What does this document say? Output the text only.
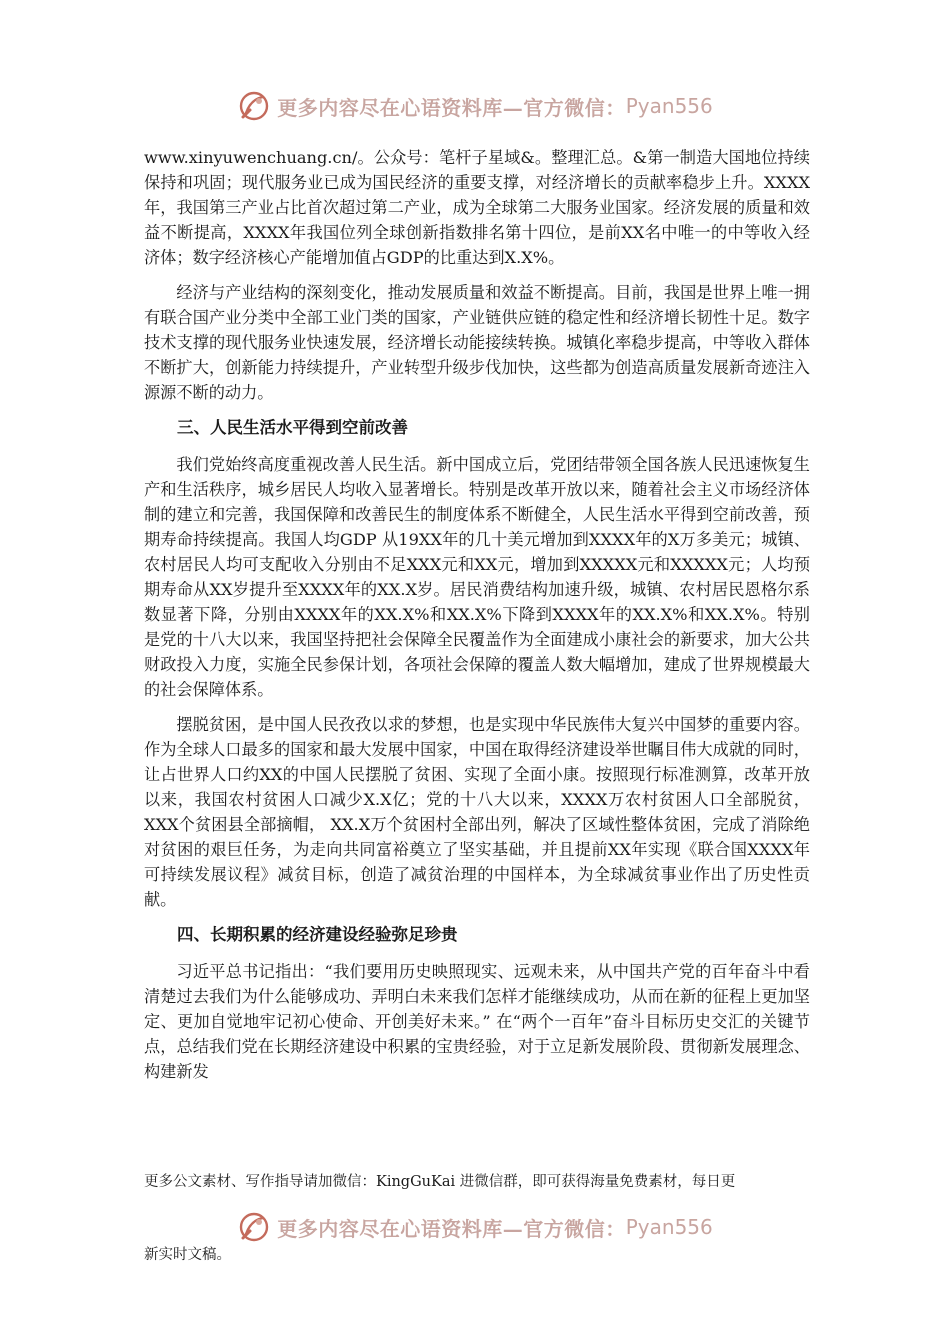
更多内容尽在心语资料库—官方微信： Pyan556

www.xinyuwenchuang.cn/。公众号：笔杆子星域&。整理汇总。&第一制造大国地位持续保持和巩固；现代服务业已成为国民经济的重要支撑，对经济增长的贡献率稳步上升。XXXX年，我国第三产业占比首次超过第二产业，成为全球第二大服务业国家。经济发展的质量和效益不断提高，XXXX年我国位列全球创新指数排名第十四位，是前XX名中唯一的中等收入经济体；数字经济核心产能增加值占GDP的比重达到X.X%。

经济与产业结构的深刻变化，推动发展质量和效益不断提高。目前，我国是世界上唯一拥有联合国产业分类中全部工业门类的国家，产业链供应链的稳定性和经济增长韧性十足。数字技术支撑的现代服务业快速发展，经济增长动能接续转换。城镇化率稳步提高，中等收入群体不断扩大，创新能力持续提升，产业转型升级步伐加快，这些都为创造高质量发展新奇迹注入源源不断的动力。

三、人民生活水平得到空前改善

我们党始终高度重视改善人民生活。新中国成立后，党团结带领全国各族人民迅速恢复生产和生活秩序，城乡居民人均收入显著增长。特别是改革开放以来，随着社会主义市场经济体制的建立和完善，我国保障和改善民生的制度体系不断健全，人民生活水平得到空前改善，预期寿命持续提高。我国人均GDP 从19XX年的几十美元增加到XXXX年的X万多美元；城镇、农村居民人均可支配收入分别由不足XXX元和XX元，增加到XXXXX元和XXXXX元；人均预期寿命从XX岁提升至XXXX年的XX.X岁。居民消费结构加速升级，城镇、农村居民恩格尔系数显著下降，分别由XXXX年的XX.X%和XX.X%下降到XXXX年的XX.X%和XX.X%。特别是党的十八大以来，我国坚持把社会保障全民覆盖作为全面建成小康社会的新要求，加大公共财政投入力度，实施全民参保计划，各项社会保障的覆盖人数大幅增加，建成了世界规模最大的社会保障体系。

摆脱贫困，是中国人民孜孜以求的梦想，也是实现中华民族伟大复兴中国梦的重要内容。作为全球人口最多的国家和最大发展中国家，中国在取得经济建设举世瞩目伟大成就的同时，让占世界人口约XX的中国人民摆脱了贫困、实现了全面小康。按照现行标准测算，改革开放以来，我国农村贫困人口减少X.X亿；党的十八大以来，XXXX万农村贫困人口全部脱贫，XXX个贫困县全部摘帽， XX.X万个贫困村全部出列，解决了区域性整体贫困，完成了消除绝对贫困的艰巨任务，为走向共同富裕奠立了坚实基础，并且提前XX年实现《联合国XXXX年可持续发展议程》减贫目标，创造了减贫治理的中国样本，为全球减贫事业作出了历史性贡献。

四、长期积累的经济建设经验弥足珍贵

习近平总书记指出：“我们要用历史映照现实、远观未来，从中国共产党的百年奋斗中看清楚过去我们为什么能够成功、弄明白未来我们怎样才能继续成功，从而在新的征程上更加坚定、更加自觉地牢记初心使命、开创美好未来。” 在“两个一百年”奋斗目标历史交汇的关键节点，总结我们党在长期经济建设中积累的宝贵经验，对于立足新发展阶段、贯彻新发展理念、构建新发

更多公文素材、写作指导请加微信：KingGuKai 进微信群，即可获得海量免费素材，每日更
更多内容尽在心语资料库—官方微信： Pyan556
新实时文稿。
